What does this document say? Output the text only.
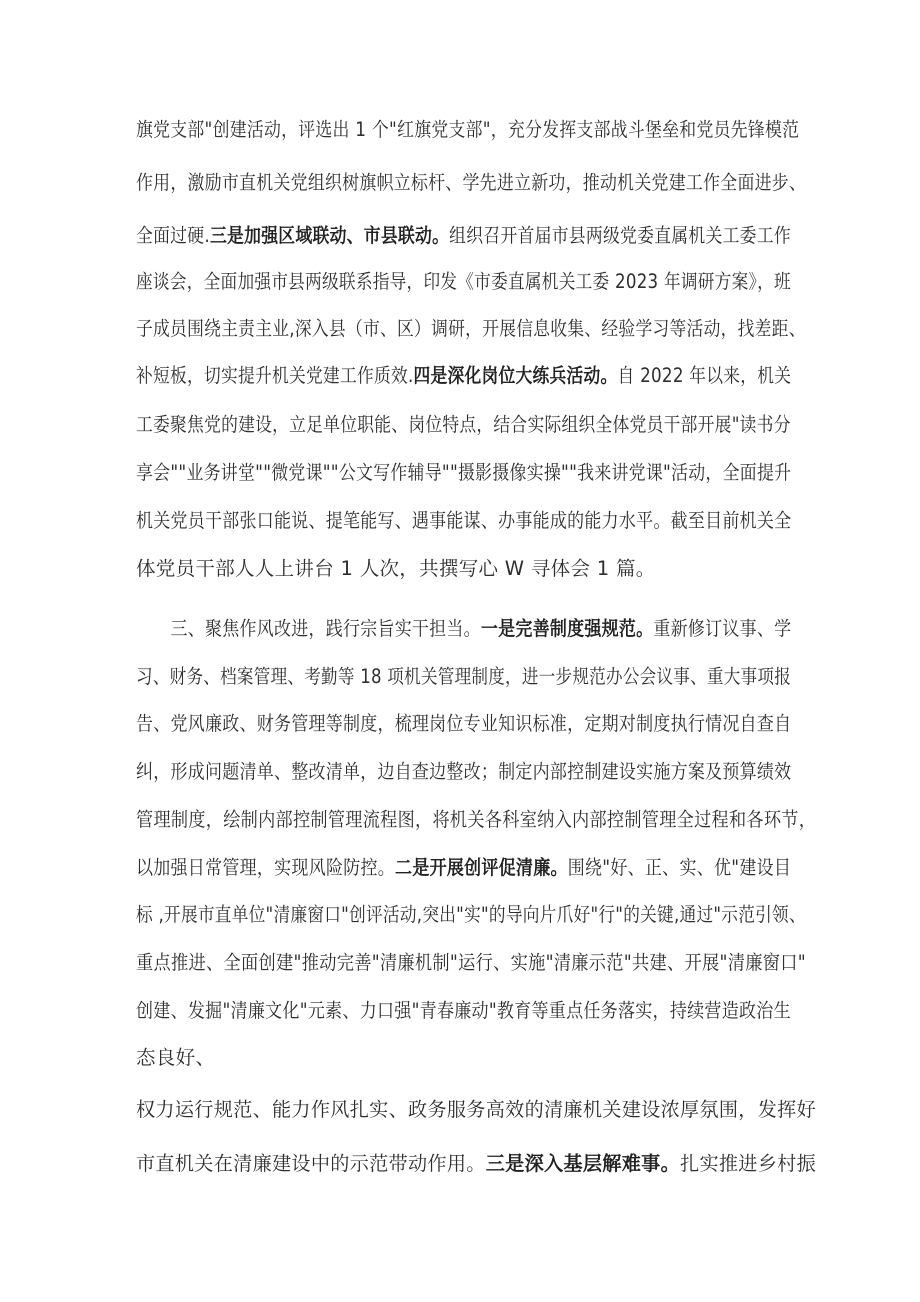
旗党支部"创建活动，评选出 1 个"红旗党支部"，充分发挥支部战斗堡垒和党员先锋模范
作用，激励市直机关党组织树旗帜立标杆、学先进立新功，推动机关党建工作全面进步、
全面过硬.三是加强区域联动、市县联动。组织召开首届市县两级党委直属机关工委工作
座谈会，全面加强市县两级联系指导，印发《市委直属机关工委 2023 年调研方案》，班
子成员围绕主责主业,深入县（市、区）调研，开展信息收集、经验学习等活动，找差距、
补短板，切实提升机关党建工作质效.四是深化岗位大练兵活动。自 2022 年以来，机关
工委聚焦党的建设，立足单位职能、岗位特点，结合实际组织全体党员干部开展"读书分
享会""业务讲堂""微党课""公文写作辅导""摄影摄像实操""我来讲党课"活动，全面提升
机关党员干部张口能说、提笔能写、遇事能谋、办事能成的能力水平。截至目前机关全
体党员干部人人上讲台 1 人次，共撰写心 W 寻体会 1 篇。
　　三、聚焦作风改进，践行宗旨实干担当。一是完善制度强规范。重新修订议事、学
习、财务、档案管理、考勤等 18 项机关管理制度，进一步规范办公会议事、重大事项报
告、党风廉政、财务管理等制度，梳理岗位专业知识标准，定期对制度执行情况自查自
纠，形成问题清单、整改清单，边自查边整改；制定内部控制建设实施方案及预算绩效
管理制度，绘制内部控制管理流程图，将机关各科室纳入内部控制管理全过程和各环节，
以加强日常管理，实现风险防控。二是开展创评促清廉。围绕"好、正、实、优"建设目
标 ,开展市直单位"清廉窗口"创评活动,突出"实"的导向片爪好"行"的关键,通过"示范引领、
重点推进、全面创建"推动完善"清廉机制"运行、实施"清廉示范"共建、开展"清廉窗口"
创建、发掘"清廉文化"元素、力口强"青春廉动"教育等重点任务落实，持续营造政治生
态良好、
权力运行规范、能力作风扎实、政务服务高效的清廉机关建设浓厚氛围，发挥好
市直机关在清廉建设中的示范带动作用。三是深入基层解难事。扎实推进乡村振
